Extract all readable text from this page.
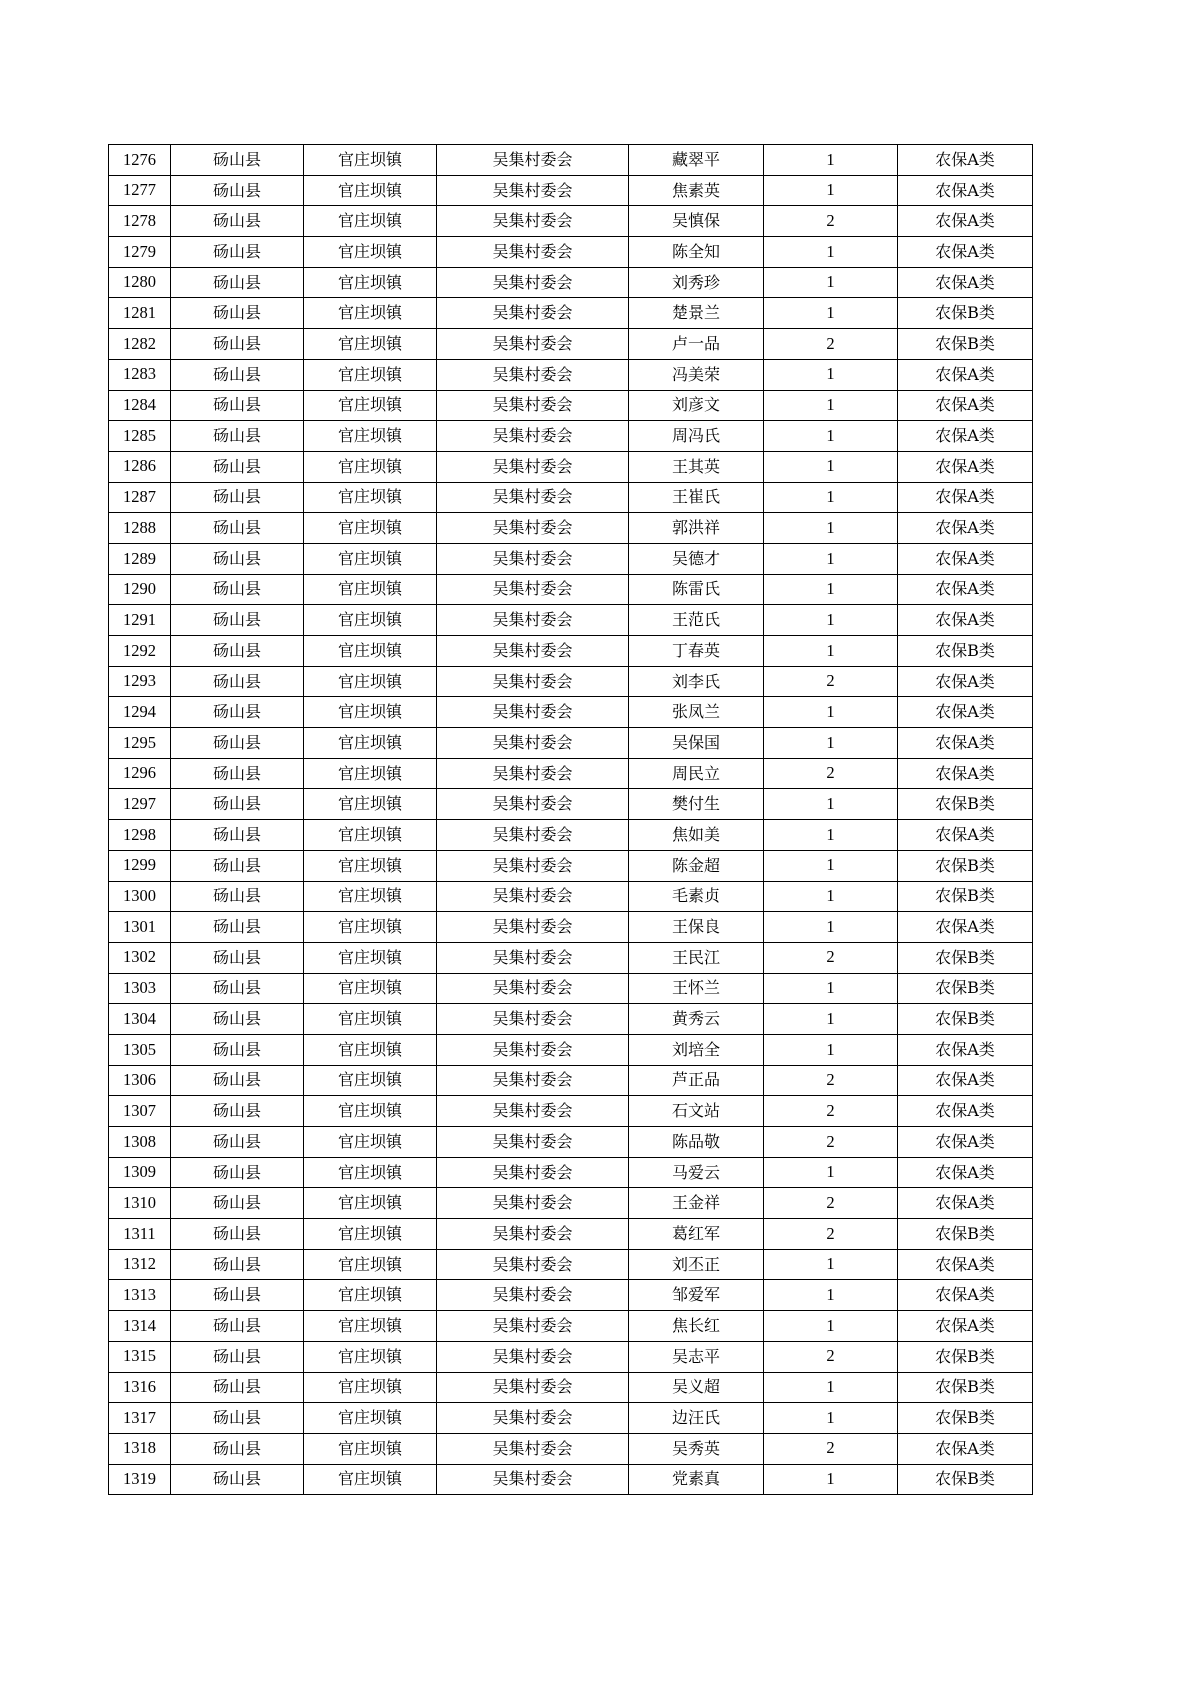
1276	砀山县	官庄坝镇	吴集村委会	藏翠平	1	农保A类
1277	砀山县	官庄坝镇	吴集村委会	焦素英	1	农保A类
1278	砀山县	官庄坝镇	吴集村委会	吴慎保	2	农保A类
1279	砀山县	官庄坝镇	吴集村委会	陈全知	1	农保A类
1280	砀山县	官庄坝镇	吴集村委会	刘秀珍	1	农保A类
1281	砀山县	官庄坝镇	吴集村委会	楚景兰	1	农保B类
1282	砀山县	官庄坝镇	吴集村委会	卢一品	2	农保B类
1283	砀山县	官庄坝镇	吴集村委会	冯美荣	1	农保A类
1284	砀山县	官庄坝镇	吴集村委会	刘彦文	1	农保A类
1285	砀山县	官庄坝镇	吴集村委会	周冯氏	1	农保A类
1286	砀山县	官庄坝镇	吴集村委会	王其英	1	农保A类
1287	砀山县	官庄坝镇	吴集村委会	王崔氏	1	农保A类
1288	砀山县	官庄坝镇	吴集村委会	郭洪祥	1	农保A类
1289	砀山县	官庄坝镇	吴集村委会	吴德才	1	农保A类
1290	砀山县	官庄坝镇	吴集村委会	陈雷氏	1	农保A类
1291	砀山县	官庄坝镇	吴集村委会	王范氏	1	农保A类
1292	砀山县	官庄坝镇	吴集村委会	丁春英	1	农保B类
1293	砀山县	官庄坝镇	吴集村委会	刘李氏	2	农保A类
1294	砀山县	官庄坝镇	吴集村委会	张凤兰	1	农保A类
1295	砀山县	官庄坝镇	吴集村委会	吴保国	1	农保A类
1296	砀山县	官庄坝镇	吴集村委会	周民立	2	农保A类
1297	砀山县	官庄坝镇	吴集村委会	樊付生	1	农保B类
1298	砀山县	官庄坝镇	吴集村委会	焦如美	1	农保A类
1299	砀山县	官庄坝镇	吴集村委会	陈金超	1	农保B类
1300	砀山县	官庄坝镇	吴集村委会	毛素贞	1	农保B类
1301	砀山县	官庄坝镇	吴集村委会	王保良	1	农保A类
1302	砀山县	官庄坝镇	吴集村委会	王民江	2	农保B类
1303	砀山县	官庄坝镇	吴集村委会	王怀兰	1	农保B类
1304	砀山县	官庄坝镇	吴集村委会	黄秀云	1	农保B类
1305	砀山县	官庄坝镇	吴集村委会	刘培全	1	农保A类
1306	砀山县	官庄坝镇	吴集村委会	芦正品	2	农保A类
1307	砀山县	官庄坝镇	吴集村委会	石文站	2	农保A类
1308	砀山县	官庄坝镇	吴集村委会	陈品敬	2	农保A类
1309	砀山县	官庄坝镇	吴集村委会	马爱云	1	农保A类
1310	砀山县	官庄坝镇	吴集村委会	王金祥	2	农保A类
1311	砀山县	官庄坝镇	吴集村委会	葛红军	2	农保B类
1312	砀山县	官庄坝镇	吴集村委会	刘丕正	1	农保A类
1313	砀山县	官庄坝镇	吴集村委会	邹爱军	1	农保A类
1314	砀山县	官庄坝镇	吴集村委会	焦长红	1	农保A类
1315	砀山县	官庄坝镇	吴集村委会	吴志平	2	农保B类
1316	砀山县	官庄坝镇	吴集村委会	吴义超	1	农保B类
1317	砀山县	官庄坝镇	吴集村委会	边汪氏	1	农保B类
1318	砀山县	官庄坝镇	吴集村委会	吴秀英	2	农保A类
1319	砀山县	官庄坝镇	吴集村委会	党素真	1	农保B类
